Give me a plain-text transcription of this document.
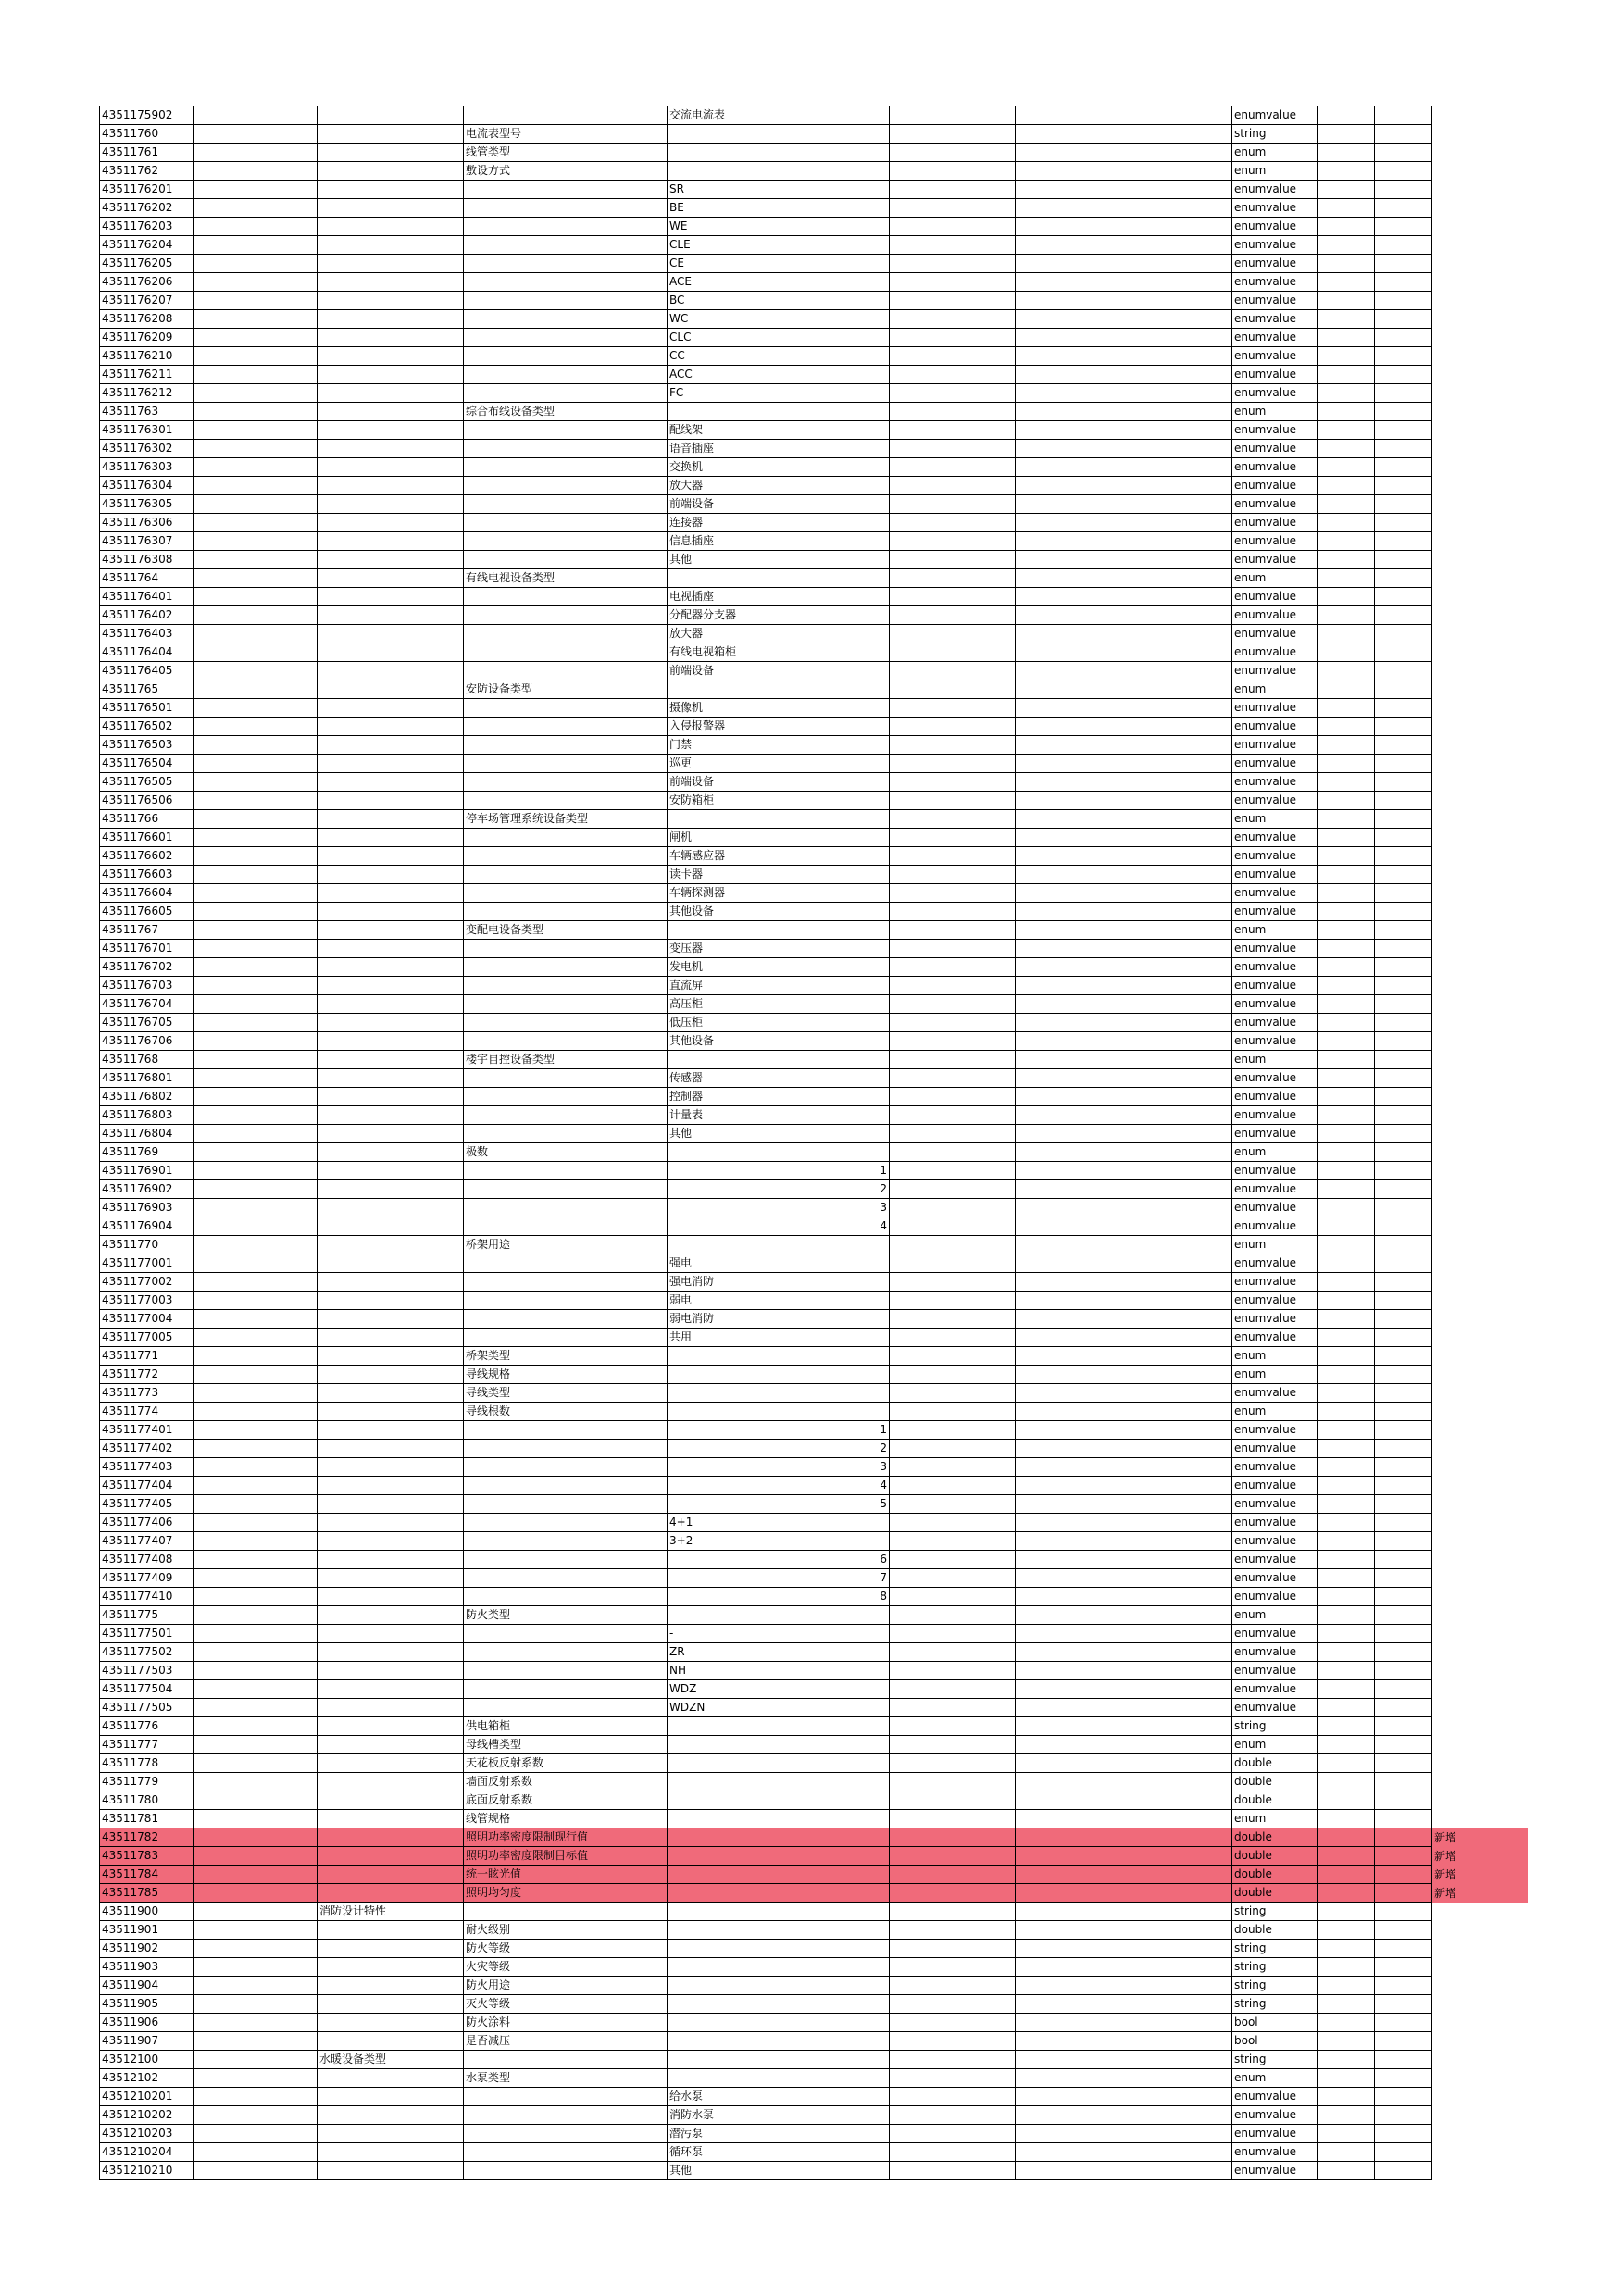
4351175902				交流电流表			enumvalue			
43511760			电流表型号				string			
43511761			线管类型				enum			
43511762			敷设方式				enum			
4351176201				SR			enumvalue			
4351176202				BE			enumvalue			
4351176203				WE			enumvalue			
4351176204				CLE			enumvalue			
4351176205				CE			enumvalue			
4351176206				ACE			enumvalue			
4351176207				BC			enumvalue			
4351176208				WC			enumvalue			
4351176209				CLC			enumvalue			
4351176210				CC			enumvalue			
4351176211				ACC			enumvalue			
4351176212				FC			enumvalue			
43511763			综合布线设备类型				enum			
4351176301				配线架			enumvalue			
4351176302				语音插座			enumvalue			
4351176303				交换机			enumvalue			
4351176304				放大器			enumvalue			
4351176305				前端设备			enumvalue			
4351176306				连接器			enumvalue			
4351176307				信息插座			enumvalue			
4351176308				其他			enumvalue			
43511764			有线电视设备类型				enum			
4351176401				电视插座			enumvalue			
4351176402				分配器分支器			enumvalue			
4351176403				放大器			enumvalue			
4351176404				有线电视箱柜			enumvalue			
4351176405				前端设备			enumvalue			
43511765			安防设备类型				enum			
4351176501				摄像机			enumvalue			
4351176502				入侵报警器			enumvalue			
4351176503				门禁			enumvalue			
4351176504				巡更			enumvalue			
4351176505				前端设备			enumvalue			
4351176506				安防箱柜			enumvalue			
43511766			停车场管理系统设备类型				enum			
4351176601				闸机			enumvalue			
4351176602				车辆感应器			enumvalue			
4351176603				读卡器			enumvalue			
4351176604				车辆探测器			enumvalue			
4351176605				其他设备			enumvalue			
43511767			变配电设备类型				enum			
4351176701				变压器			enumvalue			
4351176702				发电机			enumvalue			
4351176703				直流屏			enumvalue			
4351176704				高压柜			enumvalue			
4351176705				低压柜			enumvalue			
4351176706				其他设备			enumvalue			
43511768			楼宇自控设备类型				enum			
4351176801				传感器			enumvalue			
4351176802				控制器			enumvalue			
4351176803				计量表			enumvalue			
4351176804				其他			enumvalue			
43511769			极数				enum			
4351176901				1			enumvalue			
4351176902				2			enumvalue			
4351176903				3			enumvalue			
4351176904				4			enumvalue			
43511770			桥架用途				enum			
4351177001				强电			enumvalue			
4351177002				强电消防			enumvalue			
4351177003				弱电			enumvalue			
4351177004				弱电消防			enumvalue			
4351177005				共用			enumvalue			
43511771			桥架类型				enum			
43511772			导线规格				enum			
43511773			导线类型				enumvalue			
43511774			导线根数				enum			
4351177401				1			enumvalue			
4351177402				2			enumvalue			
4351177403				3			enumvalue			
4351177404				4			enumvalue			
4351177405				5			enumvalue			
4351177406				4+1			enumvalue			
4351177407				3+2			enumvalue			
4351177408				6			enumvalue			
4351177409				7			enumvalue			
4351177410				8			enumvalue			
43511775			防火类型				enum			
4351177501				-			enumvalue			
4351177502				ZR			enumvalue			
4351177503				NH			enumvalue			
4351177504				WDZ			enumvalue			
4351177505				WDZN			enumvalue			
43511776			供电箱柜				string			
43511777			母线槽类型				enum			
43511778			天花板反射系数				double			
43511779			墙面反射系数				double			
43511780			底面反射系数				double			
43511781			线管规格				enum			
43511782			照明功率密度限制现行值				double			新增
43511783			照明功率密度限制目标值				double			新增
43511784			统一眩光值				double			新增
43511785			照明均匀度				double			新增
43511900		消防设计特性					string			
43511901			耐火级别				double			
43511902			防火等级				string			
43511903			火灾等级				string			
43511904			防火用途				string			
43511905			灭火等级				string			
43511906			防火涂料				bool			
43511907			是否减压				bool			
43512100		水暖设备类型					string			
43512102			水泵类型				enum			
4351210201				给水泵			enumvalue			
4351210202				消防水泵			enumvalue			
4351210203				潜污泵			enumvalue			
4351210204				循环泵			enumvalue			
4351210210				其他			enumvalue			
